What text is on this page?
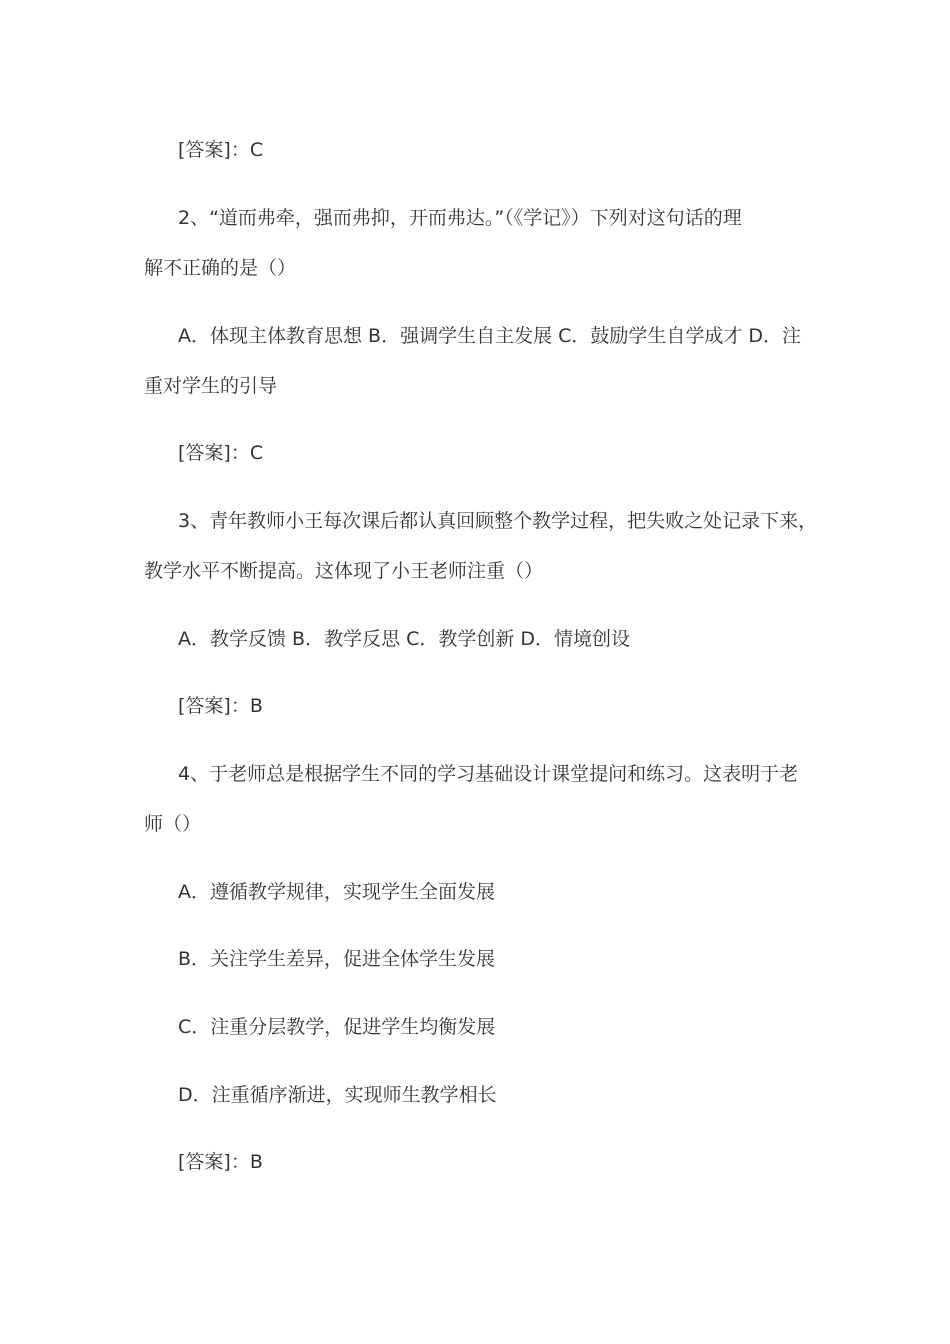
[答案]：C
2、“道而弗牵，强而弗抑，开而弗达。”（《学记》）下列对这句话的理
解不正确的是（）
A．体现主体教育思想 B．强调学生自主发展 C．鼓励学生自学成才 D．注
重对学生的引导
[答案]：C
3、青年教师小王每次课后都认真回顾整个教学过程，把失败之处记录下来，
教学水平不断提高。这体现了小王老师注重（）
A．教学反馈 B．教学反思 C．教学创新 D．情境创设
[答案]：B
4、于老师总是根据学生不同的学习基础设计课堂提问和练习。这表明于老
师（）
A．遵循教学规律，实现学生全面发展
B．关注学生差异，促进全体学生发展
C．注重分层教学，促进学生均衡发展
D．注重循序渐进，实现师生教学相长
[答案]：B
